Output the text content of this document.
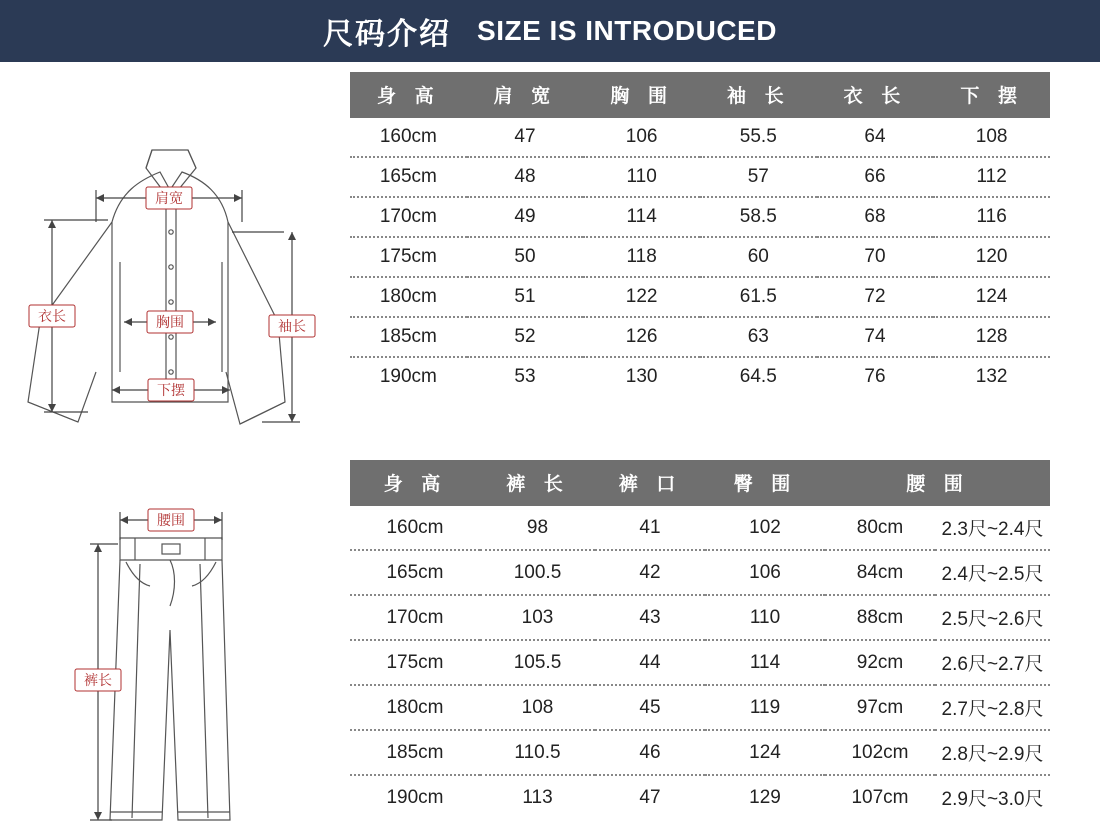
尺码介绍 SIZE IS INTRODUCED
肩宽
胸围
衣长
袖长
下摆
身 高	肩 宽	胸 围	袖 长	衣 长	下 摆
160cm	47	106	55.5	64	108
165cm	48	110	57	66	112
170cm	49	114	58.5	68	116
175cm	50	118	60	70	120
180cm	51	122	61.5	72	124
185cm	52	126	63	74	128
190cm	53	130	64.5	76	132
腰围
裤长
身 高	裤 长	裤 口	臀 围	腰 围	
160cm	98	41	102	80cm	2.3尺~2.4尺
165cm	100.5	42	106	84cm	2.4尺~2.5尺
170cm	103	43	110	88cm	2.5尺~2.6尺
175cm	105.5	44	114	92cm	2.6尺~2.7尺
180cm	108	45	119	97cm	2.7尺~2.8尺
185cm	110.5	46	124	102cm	2.8尺~2.9尺
190cm	113	47	129	107cm	2.9尺~3.0尺
